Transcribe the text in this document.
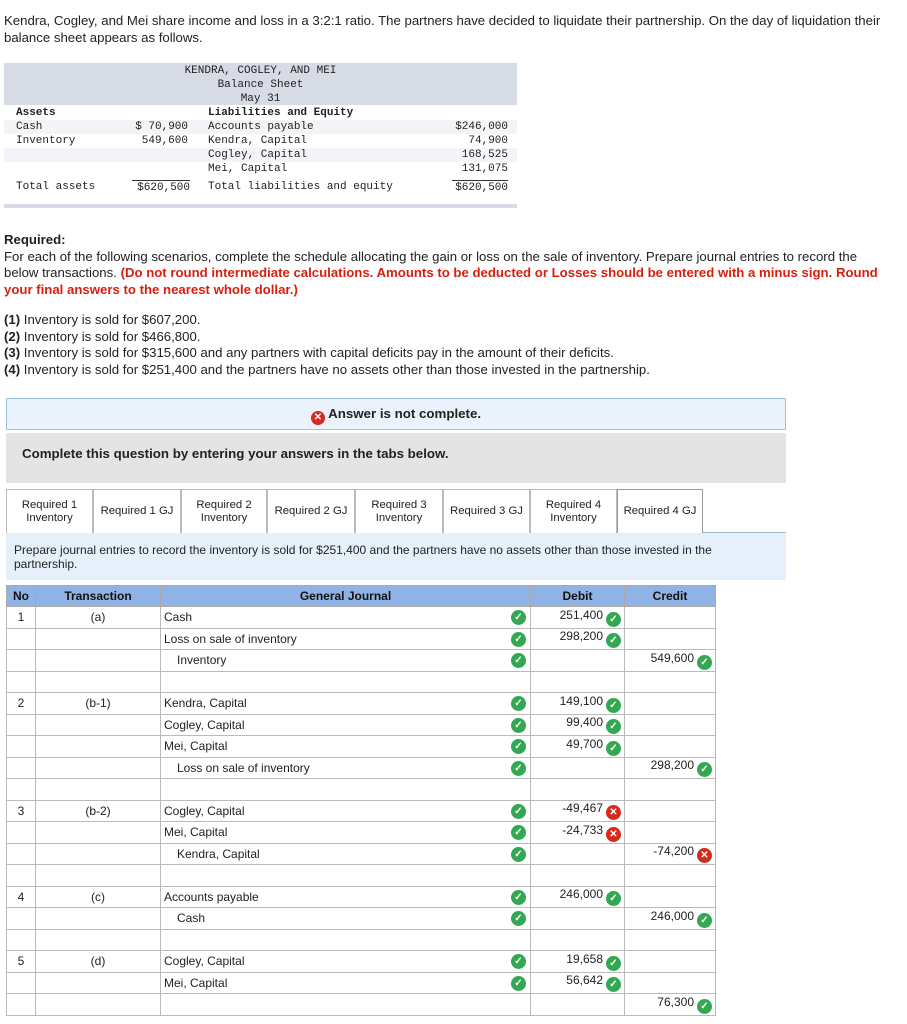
Kendra, Cogley, and Mei share income and loss in a 3:2:1 ratio. The partners have decided to liquidate their partnership. On the day of liquidation their balance sheet appears as follows.
KENDRA, COGLEY, AND MEI
Balance Sheet
May 31
Assets	Liabilities and Equity
Cash	$ 70,900 Accounts payable	$246,000
Inventory	549,600 Kendra, Capital	74,900
Cogley, Capital	168,525
Mei, Capital	131,075
Total assets	$620,500 Total liabilities and equity	$620,500
Required:
For each of the following scenarios, complete the schedule allocating the gain or loss on the sale of inventory. Prepare journal entries to record the below transactions. (Do not round intermediate calculations. Amounts to be deducted or Losses should be entered with a minus sign. Round your final answers to the nearest whole dollar.)
(1) Inventory is sold for $607,200.
(2) Inventory is sold for $466,800.
(3) Inventory is sold for $315,600 and any partners with capital deficits pay in the amount of their deficits.
(4) Inventory is sold for $251,400 and the partners have no assets other than those invested in the partnership.
✕ Answer is not complete.
Complete this question by entering your answers in the tabs below.
Required 1
Inventory
Required 1 GJ
Required 2
Inventory
Required 2 GJ
Required 3
Inventory
Required 3 GJ
Required 4
Inventory
Required 4 GJ
Prepare journal entries to record the inventory is sold for $251,400 and the partners have no assets other than those invested in the partnership.
No	Transaction	General Journal	Debit	Credit
1	(a)	Cash ✓	251,400 ✓	
		Loss on sale of inventory ✓	298,200 ✓	
		Inventory ✓		549,600 ✓

2	(b-1)	Kendra, Capital ✓	149,100 ✓	
		Cogley, Capital ✓	99,400 ✓	
		Mei, Capital ✓	49,700 ✓	
		Loss on sale of inventory ✓		298,200 ✓

3	(b-2)	Cogley, Capital ✓	-49,467 ✕	
		Mei, Capital ✓	-24,733 ✕	
		Kendra, Capital ✓		-74,200 ✕

4	(c)	Accounts payable ✓	246,000 ✓	
		Cash ✓		246,000 ✓

5	(d)	Cogley, Capital ✓	19,658 ✓	
		Mei, Capital ✓	56,642 ✓	
				76,300 ✓
